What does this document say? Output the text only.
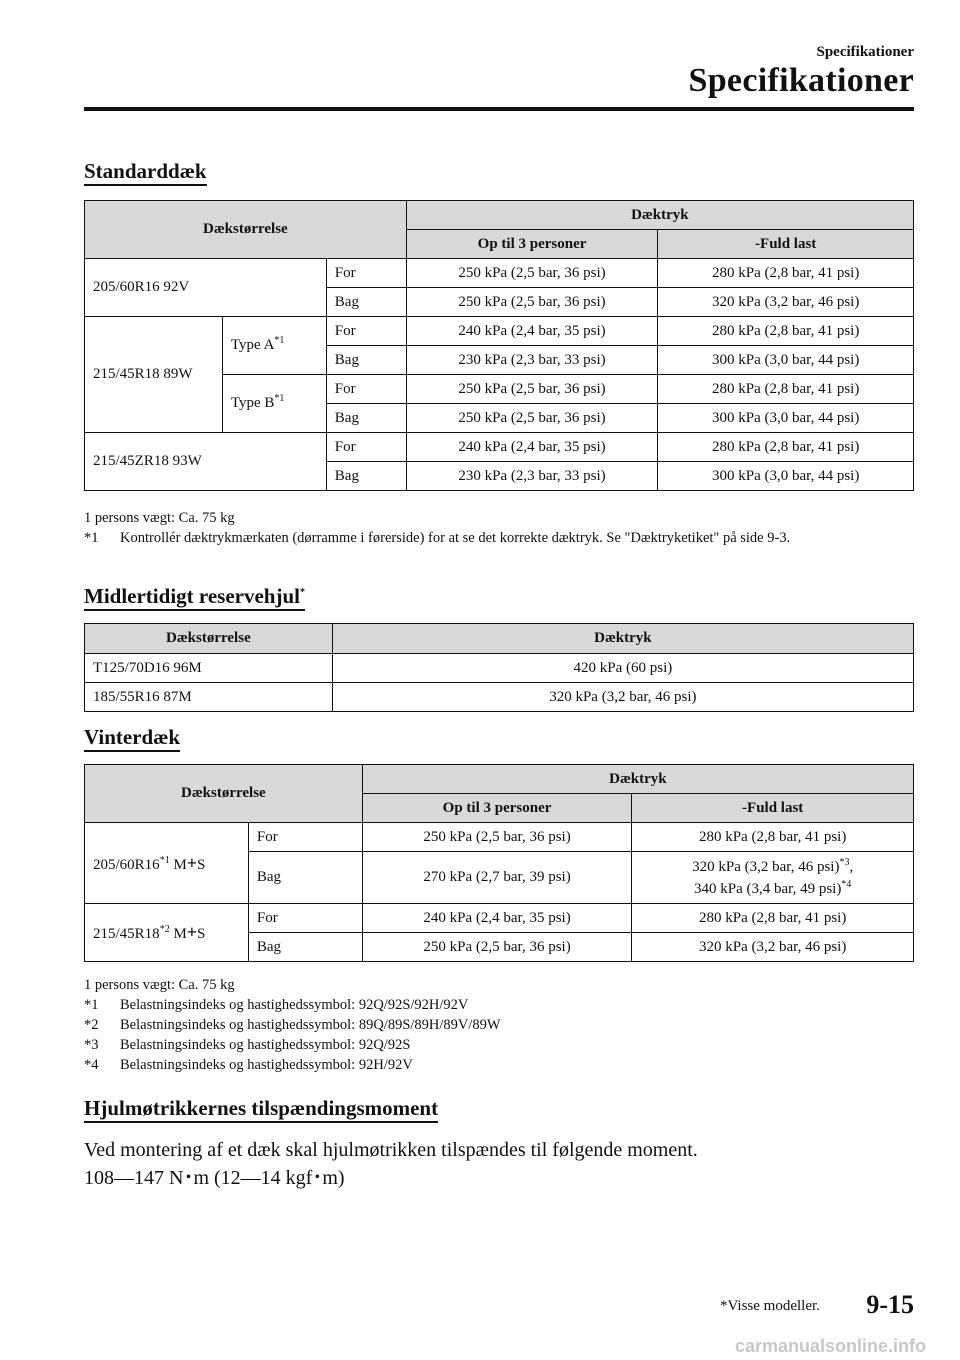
Specifikationer
Specifikationer
Standarddæk
Dækstørrelse			Dæktryk	
			Op til 3 personer	-Fuld last
205/60R16 92V		For	250 kPa (2,5 bar, 36 psi)	280 kPa (2,8 bar, 41 psi)
		Bag	250 kPa (2,5 bar, 36 psi)	320 kPa (3,2 bar, 46 psi)
215/45R18 89W	Type $A^{*1}$	For	240 kPa (2,4 bar, 35 psi)	280 kPa (2,8 bar, 41 psi)
		Bag	230 kPa (2,3 bar, 33 psi)	300 kPa (3,0 bar, 44 psi)
	Type $B^{*1}$	For	250 kPa (2,5 bar, 36 psi)	280 kPa (2,8 bar, 41 psi)
		Bag	250 kPa (2,5 bar, 36 psi)	300 kPa (3,0 bar, 44 psi)
215/45ZR18 93W		For	240 kPa (2,4 bar, 35 psi)	280 kPa (2,8 bar, 41 psi)
		Bag	230 kPa (2,3 bar, 33 psi)	300 kPa (3,0 bar, 44 psi)
1 persons vægt: Ca. 75 kg
*1	Kontrollér dæktrykmærkaten (dørramme i førerside) for at se det korrekte dæktryk. Se "Dæktryketiket" på side 9-3.
Midlertidigt reservehjul*
Dækstørrelse	Dæktryk
T125/70D16 96M	420 kPa (60 psi)
185/55R16 87M	320 kPa (3,2 bar, 46 psi)
Vinterdæk
Dækstørrelse		Dæktryk	
		Op til 3 personer	-Fuld last
205/60R16$^{*1}$ M+S	For	250 kPa (2,5 bar, 36 psi)	280 kPa (2,8 bar, 41 psi)
	Bag	270 kPa (2,7 bar, 39 psi)	320 kPa (3,2 bar, 46 psi)$^{*3}$,
340 kPa (3,4 bar, 49 psi)$^{*4}$
215/45R18$^{*2}$ M+S	For	240 kPa (2,4 bar, 35 psi)	280 kPa (2,8 bar, 41 psi)
	Bag	250 kPa (2,5 bar, 36 psi)	320 kPa (3,2 bar, 46 psi)
1 persons vægt: Ca. 75 kg
*1	Belastningsindeks og hastighedssymbol: 92Q/92S/92H/92V
*2	Belastningsindeks og hastighedssymbol: 89Q/89S/89H/89V/89W
*3	Belastningsindeks og hastighedssymbol: 92Q/92S
*4	Belastningsindeks og hastighedssymbol: 92H/92V
Hjulmøtrikkernes tilspændingsmoment
Ved montering af et dæk skal hjulmøtrikken tilspændes til følgende moment.
108―147 N･m (12―14 kgf･m)
*Visse modeller. 9-15
carmanualsonline.info
